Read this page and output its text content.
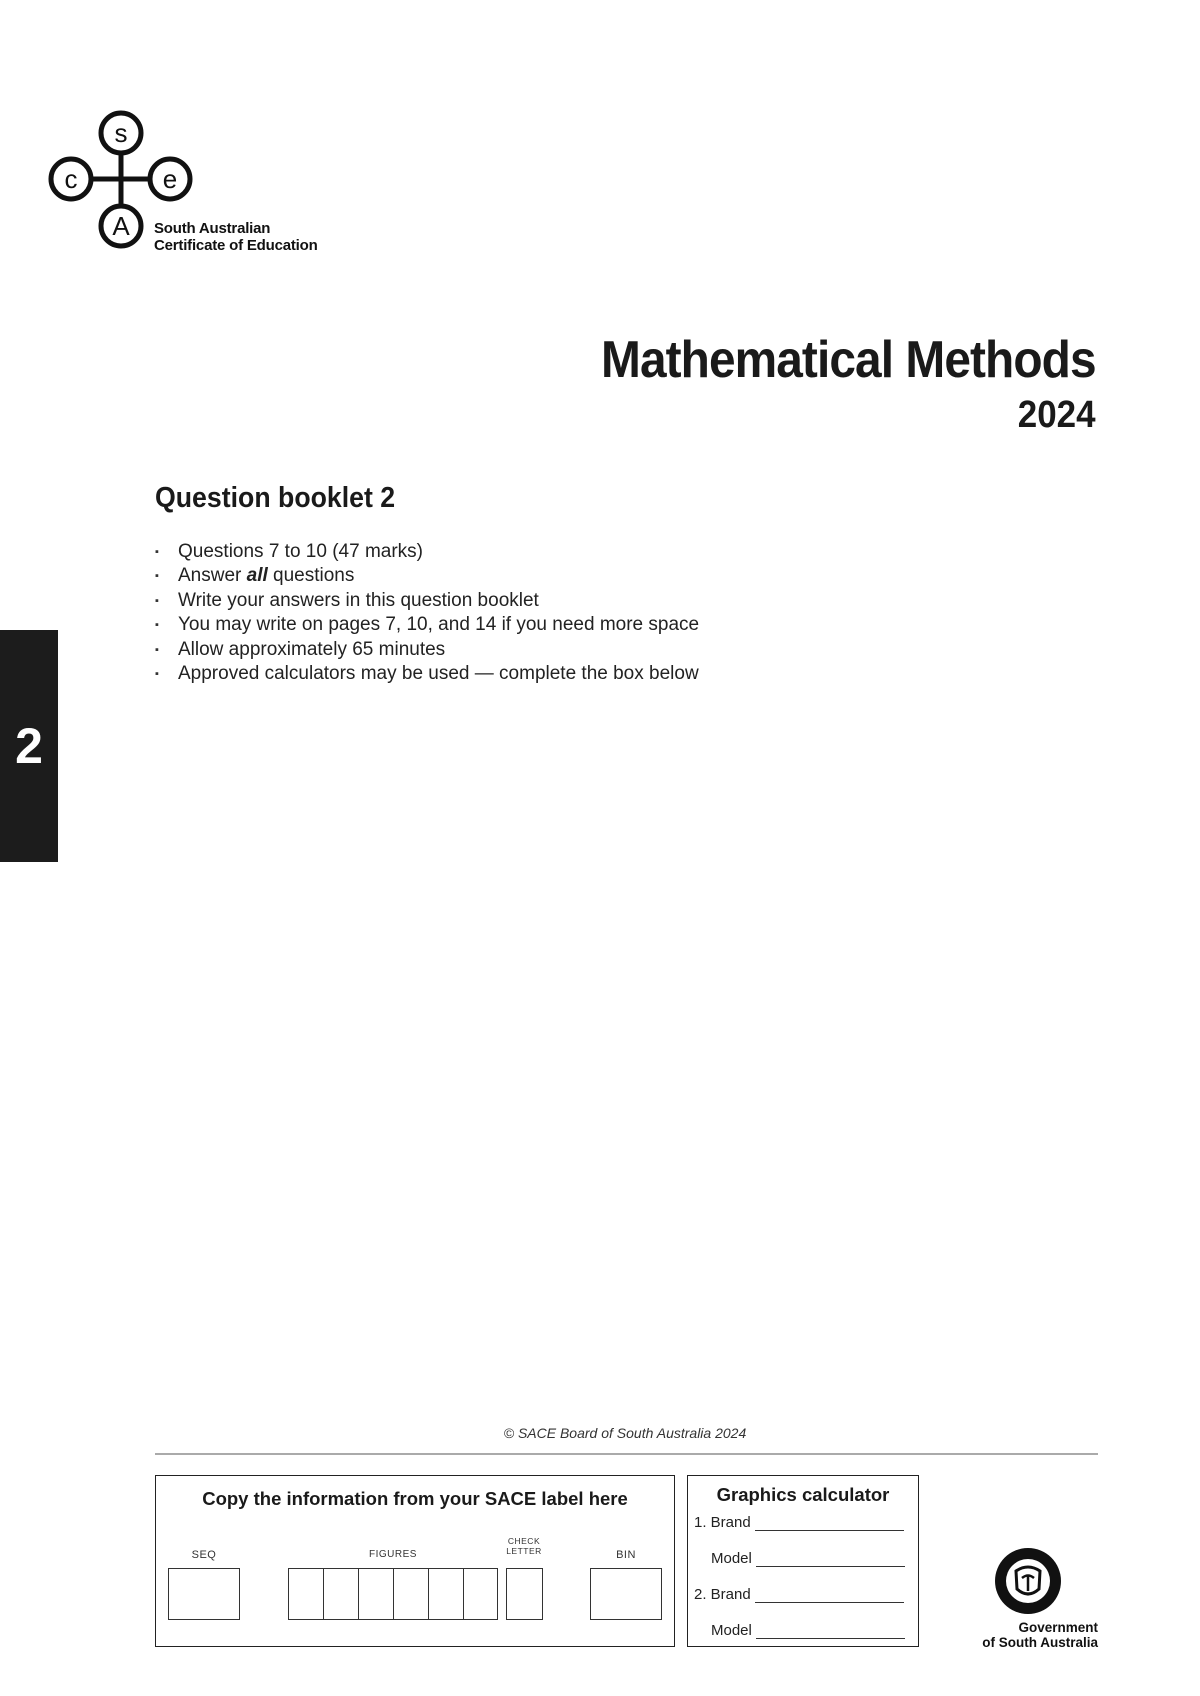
s
c	e
A South Australian
Certificate of Education
2
Mathematical Methods
2024
Question booklet 2
▪ Questions 7 to 10 (47 marks)
▪ Answer all questions
▪ Write your answers in this question booklet
▪ You may write on pages 7, 10, and 14 if you need more space
▪ Allow approximately 65 minutes
▪ Approved calculators may be used — complete the box below
© SACE Board of South Australia 2024
Copy the information from your SACE label here
SEQ	FIGURES
CHECK
LETTER	BIN
Graphics calculator
1. Brand
Model
2. Brand
Model	Government
of South Australia
